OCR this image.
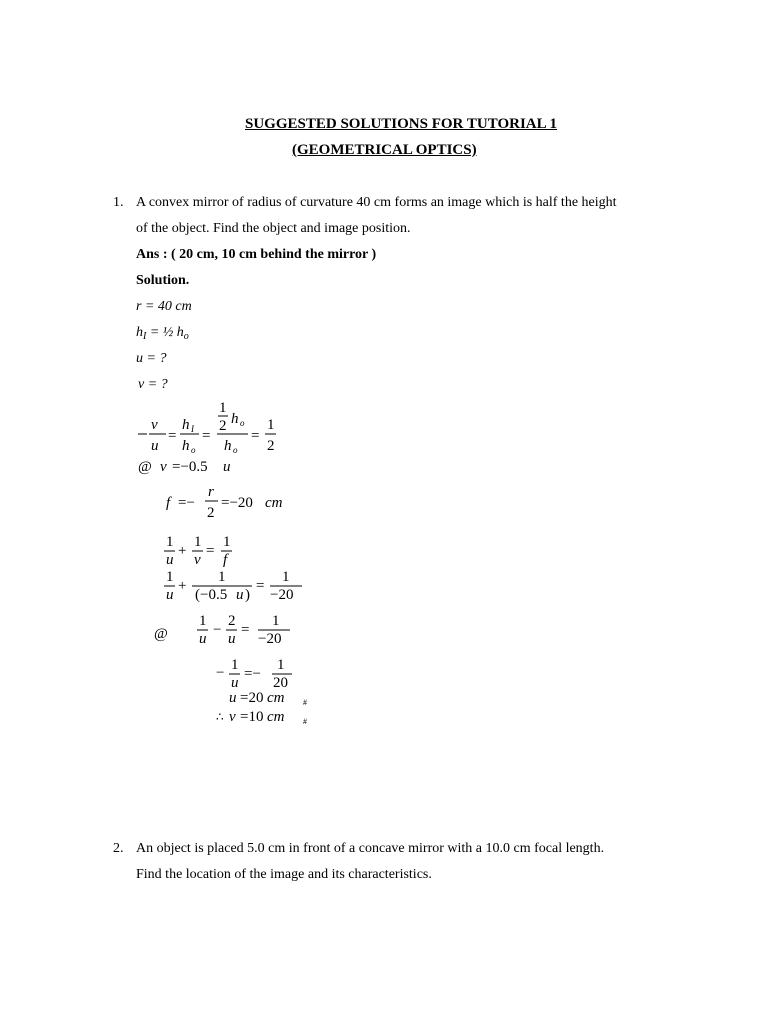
SUGGESTED SOLUTIONS FOR TUTORIAL 1
(GEOMETRICAL OPTICS)
1. A convex mirror of radius of curvature 40 cm forms an image which is half the height
of the object. Find the object and image position.
Ans : ( 20 cm, 10 cm behind the mirror )
Solution.
r = 40 cm
$h_I$ = ½ $h_o$
u = ?
v = ?
v
u
=
h I
h o
=
1
2 h o
h o
=
1
2
@ v =−0.5 u
f =−
r
2
=−20 cm
1
u
+
1
v
=
1
f
1
u
+
1
(−0.5 u )
=
1
−20
@
1
u
−
2
u
=
1
−20
− 1
u
=−
1
20
u =20 cm #
∴ v =10 cm #
2. An object is placed 5.0 cm in front of a concave mirror with a 10.0 cm focal length.
Find the location of the image and its characteristics.
